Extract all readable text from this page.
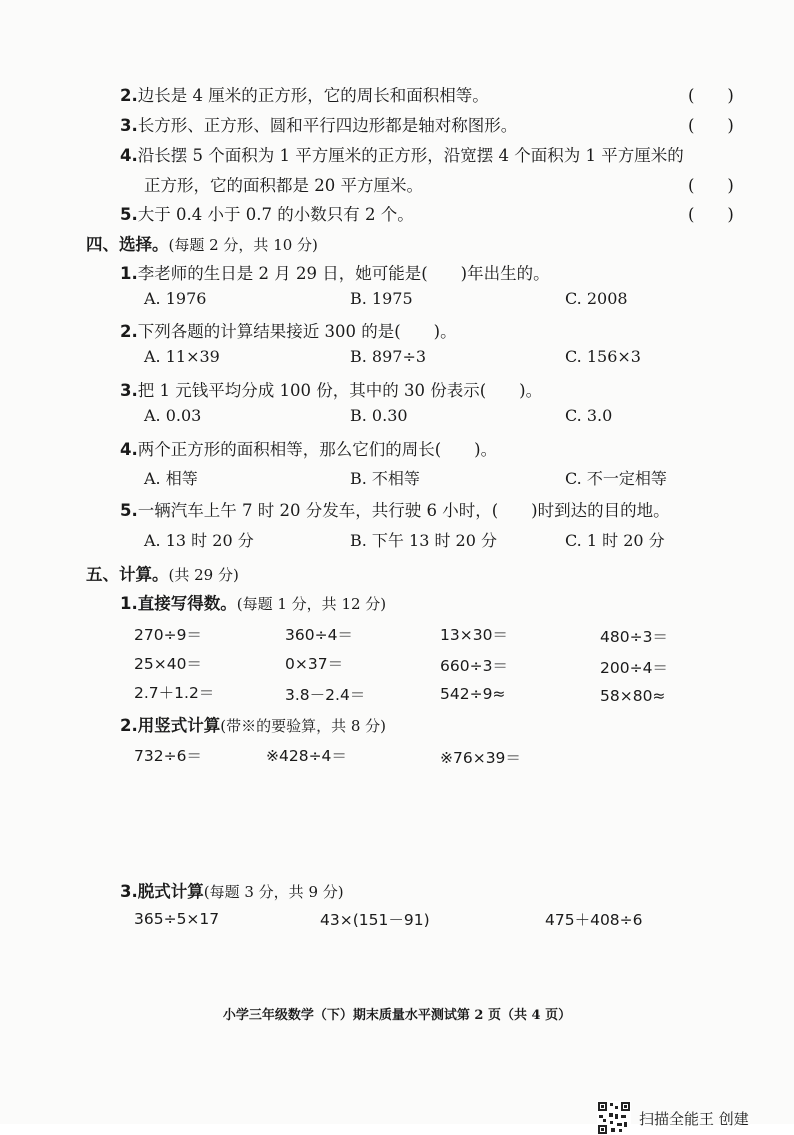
2.边长是 4 厘米的正方形，它的周长和面积相等。	(　　)
3.长方形、正方形、圆和平行四边形都是轴对称图形。	(　　)
4.沿长摆 5 个面积为 1 平方厘米的正方形，沿宽摆 4 个面积为 1 平方厘米的
正方形，它的面积都是 20 平方厘米。	(　　)
5.大于 0.4 小于 0.7 的小数只有 2 个。	(　　)
四、选择。(每题 2 分，共 10 分)
1.李老师的生日是 2 月 29 日，她可能是(　　)年出生的。
A. 1976	B. 1975	C. 2008
2.下列各题的计算结果接近 300 的是(　　)。
A. 11×39	B. 897÷3	C. 156×3
3.把 1 元钱平均分成 100 份，其中的 30 份表示(　　)。
A. 0.03	B. 0.30	C. 3.0
4.两个正方形的面积相等，那么它们的周长(　　)。
A. 相等	B. 不相等	C. 不一定相等
5.一辆汽车上午 7 时 20 分发车，共行驶 6 小时，(　　)时到达的目的地。
A. 13 时 20 分	B. 下午 13 时 20 分	C. 1 时 20 分
五、计算。(共 29 分)
1.直接写得数。(每题 1 分，共 12 分)
270÷9＝	360÷4＝	13×30＝	480÷3＝
25×40＝	0×37＝	660÷3＝	200÷4＝
2.7＋1.2＝	3.8－2.4＝	542÷9≈	58×80≈
2.用竖式计算(带※的要验算，共 8 分)
732÷6＝	※428÷4＝	※76×39＝
3.脱式计算(每题 3 分，共 9 分)
365÷5×17	43×(151－91)	475＋408÷6
小学三年级数学（下）期末质量水平测试第 2 页（共 4 页）
扫描全能王 创建
